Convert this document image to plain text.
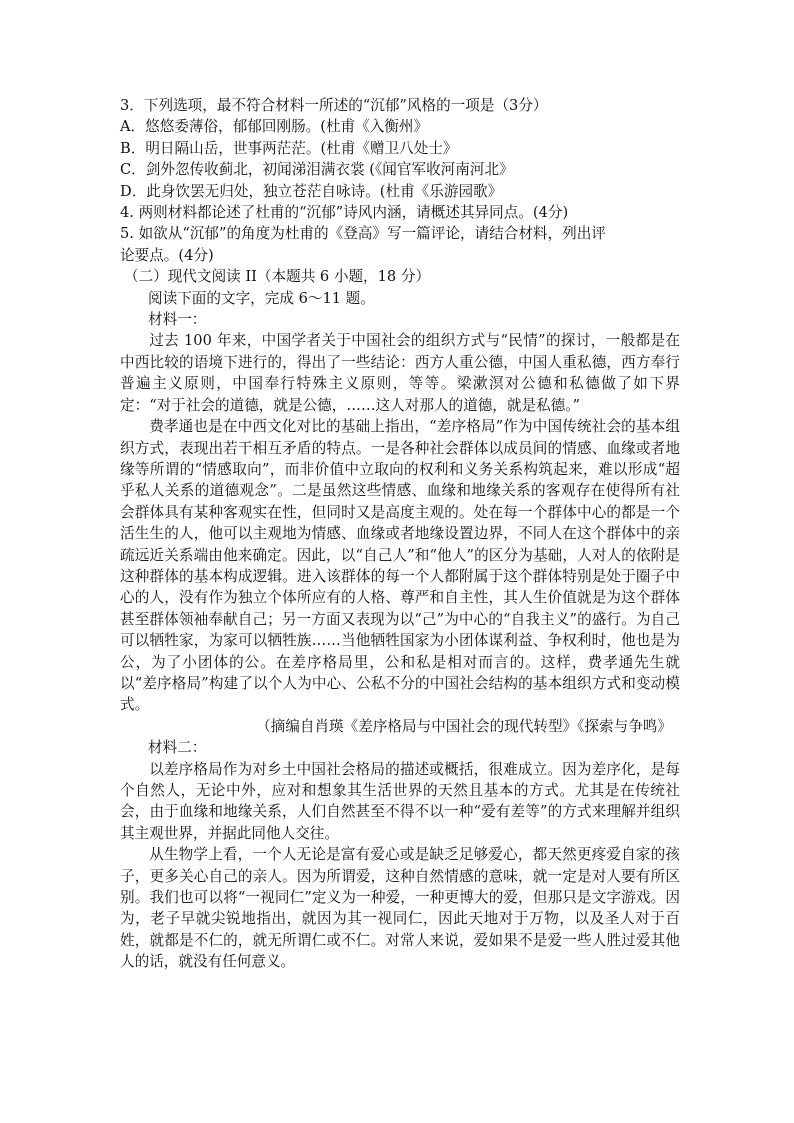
3．下列选项，最不符合材料一所述的“沉郁”风格的一项是（3分）
A．悠悠委薄俗，郁郁回刚肠。(杜甫《入衡州》
B．明日隔山岳，世事两茫茫。(杜甫《赠卫八处士》
C．剑外忽传收蓟北，初闻涕泪满衣裳 (《闻官军收河南河北》
D．此身饮罢无归处，独立苍茫自咏诗。(杜甫《乐游园歌》
4. 两则材料都论述了杜甫的“沉郁”诗风内涵，请概述其异同点。(4分)
5. 如欲从“沉郁”的角度为杜甫的《登高》写一篇评论，请结合材料，列出评
论要点。(4分)

（二）现代文阅读 II（本题共 6 小题，18 分）

阅读下面的文字，完成 6～11 题。

材料一：

过去 100 年来，中国学者关于中国社会的组织方式与“民情”的探讨，一般都是在中西比较的语境下进行的，得出了一些结论：西方人重公德，中国人重私德，西方奉行普遍主义原则，中国奉行特殊主义原则，等等。梁漱溟对公德和私德做了如下界定：“对于社会的道德，就是公德，……这人对那人的道德，就是私德。”

费孝通也是在中西文化对比的基础上指出，“差序格局”作为中国传统社会的基本组织方式，表现出若干相互矛盾的特点。一是各种社会群体以成员间的情感、血缘或者地缘等所谓的“情感取向”，而非价值中立取向的权利和义务关系构筑起来，难以形成“超乎私人关系的道德观念”。二是虽然这些情感、血缘和地缘关系的客观存在使得所有社会群体具有某种客观实在性，但同时又是高度主观的。处在每一个群体中心的都是一个活生生的人，他可以主观地为情感、血缘或者地缘设置边界，不同人在这个群体中的亲疏远近关系端由他来确定。因此，以“自己人”和“他人”的区分为基础，人对人的依附是这种群体的基本构成逻辑。进入该群体的每一个人都附属于这个群体特别是处于圈子中心的人，没有作为独立个体所应有的人格、尊严和自主性，其人生价值就是为这个群体甚至群体领袖奉献自己；另一方面又表现为以“己”为中心的“自我主义”的盛行。为自己可以牺牲家，为家可以牺牲族……当他牺牲国家为小团体谋利益、争权利时，他也是为公，为了小团体的公。在差序格局里，公和私是相对而言的。这样，费孝通先生就以“差序格局”构建了以个人为中心、公私不分的中国社会结构的基本组织方式和变动模式。

（摘编自肖瑛《差序格局与中国社会的现代转型》《探索与争鸣》

材料二：

以差序格局作为对乡土中国社会格局的描述或概括，很难成立。因为差序化，是每个自然人，无论中外，应对和想象其生活世界的天然且基本的方式。尤其是在传统社会，由于血缘和地缘关系，人们自然甚至不得不以一种“爱有差等”的方式来理解并组织其主观世界，并据此同他人交往。

从生物学上看，一个人无论是富有爱心或是缺乏足够爱心，都天然更疼爱自家的孩子，更多关心自己的亲人。因为所谓爱，这种自然情感的意味，就一定是对人要有所区别。我们也可以将“一视同仁”定义为一种爱，一种更博大的爱，但那只是文字游戏。因为，老子早就尖锐地指出，就因为其一视同仁，因此天地对于万物，以及圣人对于百姓，就都是不仁的，就无所谓仁或不仁。对常人来说，爱如果不是爱一些人胜过爱其他人的话，就没有任何意义。
